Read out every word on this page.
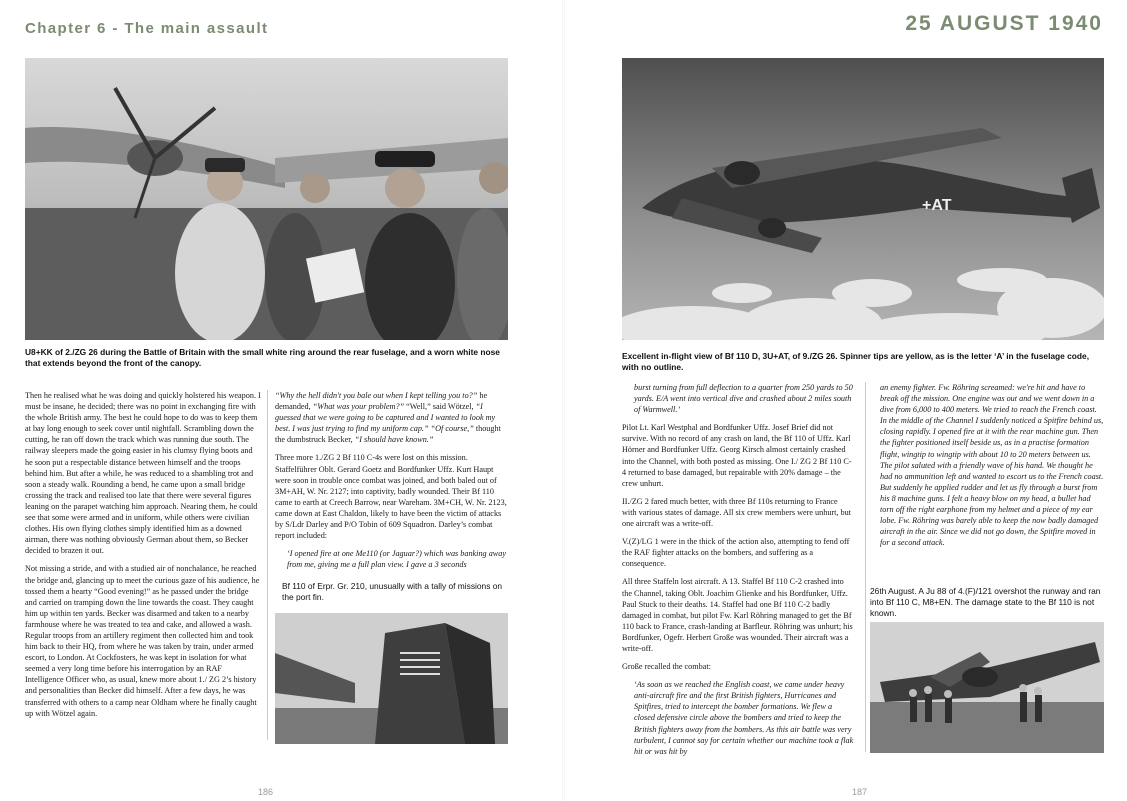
Chapter 6 - The main assault	25 AUGUST 1940
U8+KK of 2./ZG 26 during the Battle of Britain with the small white ring around the rear fuselage, and a worn white nose that extends beyond the front of the canopy.

Then he realised what he was doing and quickly holstered his weapon. I must be insane, he decided; there was no point in exchanging fire with the whole British army. The best he could hope to do was to keep them at bay long enough to seek cover until nightfall. Scrambling down the cutting, he ran off down the track which was running due south. The railway sleepers made the going easier in his clumsy flying boots and he soon put a respectable distance between himself and the troops behind him. But after a while, he was reduced to a shambling trot and soon a steady walk. Rounding a bend, he came upon a small bridge crossing the track and realised too late that there were several figures leaning on the parapet watching him approach. Nearing them, he could see that some were armed and in uniform, while others were civilian clothes. His own flying clothes simply identified him as a downed airman, there was nothing obviously German about them, so Becker decided to brazen it out.

Not missing a stride, and with a studied air of nonchalance, he reached the bridge and, glancing up to meet the curious gaze of his audience, he tossed them a hearty “Good evening!” as he passed under the bridge and carried on tramping down the line towards the coast. They caught him up within ten yards. Becker was disarmed and taken to a nearby farmhouse where he was treated to tea and cake, and allowed a wash. Regular troops from an artillery regiment then collected him and took him back to their HQ, from where he was taken by train, under armed escort, to London. At Cockfosters, he was kept in isolation for what seemed a very long time before his interrogation by an RAF Intelligence Officer who, as usual, knew more about 1./ ZG 2’s history and personalities than Becker did himself. After a few days, he was transferred with others to a camp near Oldham where he finally caught up with Wötzel again.

“Why the hell didn't you bale out when I kept telling you to?” he demanded, “What was your problem?” “Well,” said Wötzel, “I guessed that we were going to be captured and I wanted to look my best. I was just trying to find my uniform cap.” “Of course,” thought the dumbstruck Becker, “I should have known.”

Three more 1./ZG 2 Bf 110 C-4s were lost on this mission. Staffelführer Oblt. Gerard Goetz and Bordfunker Uffz. Kurt Haupt were soon in trouble once combat was joined, and both baled out of 3M+AH, W. Nr. 2127; into captivity, badly wounded. Their Bf 110 came to earth at Creech Barrow, near Wareham. 3M+CH, W. Nr. 2123, came down at East Chaldon, likely to have been the victim of attacks by S/Ldr Darley and P/O Tobin of 609 Squadron. Darley’s combat report included:

‘I opened fire at one Me110 (or Jaguar?) which was banking away from me, giving me a full plan view. I gave a 3 seconds

Bf 110 of Erpr. Gr. 210, unusually with a tally of missions on the port fin.
186
+AT
Excellent in-flight view of Bf 110 D, 3U+AT, of 9./ZG 26. Spinner tips are yellow, as is the letter ‘A’ in the fuselage code, with no outline.

burst turning from full deflection to a quarter from 250 yards to 50 yards. E/A went into vertical dive and crashed about 2 miles south of Warmwell.’

Pilot Lt. Karl Westphal and Bordfunker Uffz. Josef Brief did not survive. With no record of any crash on land, the Bf 110 of Uffz. Karl Hörner and Bordfunker Uffz. Georg Kirsch almost certainly crashed into the Channel, with both posted as missing. One I./ ZG 2 Bf 110 C-4 returned to base damaged, but repairable with 20% damage – the crew unhurt.

II./ZG 2 fared much better, with three Bf 110s returning to France with various states of damage. All six crew members were unhurt, but one aircraft was a write-off.

V.(Z)/LG 1 were in the thick of the action also, attempting to fend off the RAF fighter attacks on the bombers, and suffering as a consequence.

All three Staffeln lost aircraft. A 13. Staffel Bf 110 C-2 crashed into the Channel, taking Oblt. Joachim Glienke and his Bordfunker, Uffz. Paul Stuck to their deaths. 14. Staffel had one Bf 110 C-2 badly damaged in combat, but pilot Fw. Karl Röhring managed to get the Bf 110 back to France, crash-landing at Barfleur. Röhring was unhurt; his Bordfunker, Ogefr. Herbert Große was wounded. Their aircraft was a write-off.

Große recalled the combat:

‘As soon as we reached the English coast, we came under heavy anti-aircraft fire and the first British fighters, Hurricanes and Spitfires, tried to intercept the bomber formations. We flew a closed defensive circle above the bombers and tried to keep the British fighters away from the bombers. As this air battle was very turbulent, I cannot say for certain whether our machine took a flak hit or was hit by

an enemy fighter. Fw. Röhring screamed: we're hit and have to break off the mission. One engine was out and we went down in a dive from 6,000 to 400 meters. We tried to reach the French coast. In the middle of the Channel I suddenly noticed a Spitfire behind us, closing rapidly. I opened fire at it with the rear machine gun. Then the fighter positioned itself beside us, as in a practise formation flight, wingtip to wingtip with about 10 to 20 meters between us. The pilot saluted with a friendly wave of his hand. We thought he had no ammunition left and wanted to escort us to the French coast. But suddenly he applied rudder and let us fly through a burst from his 8 machine guns. I felt a heavy blow on my head, a bullet had torn off the right earphone from my helmet and a piece of my ear lobe. Fw. Röhring was barely able to keep the now badly damaged aircraft in the air. Since we did not go down, the Spitfire moved in for a second attack.

26th August. A Ju 88 of 4.(F)/121 overshot the runway and ran into Bf 110 C, M8+EN. The damage state to the Bf 110 is not known.
187
